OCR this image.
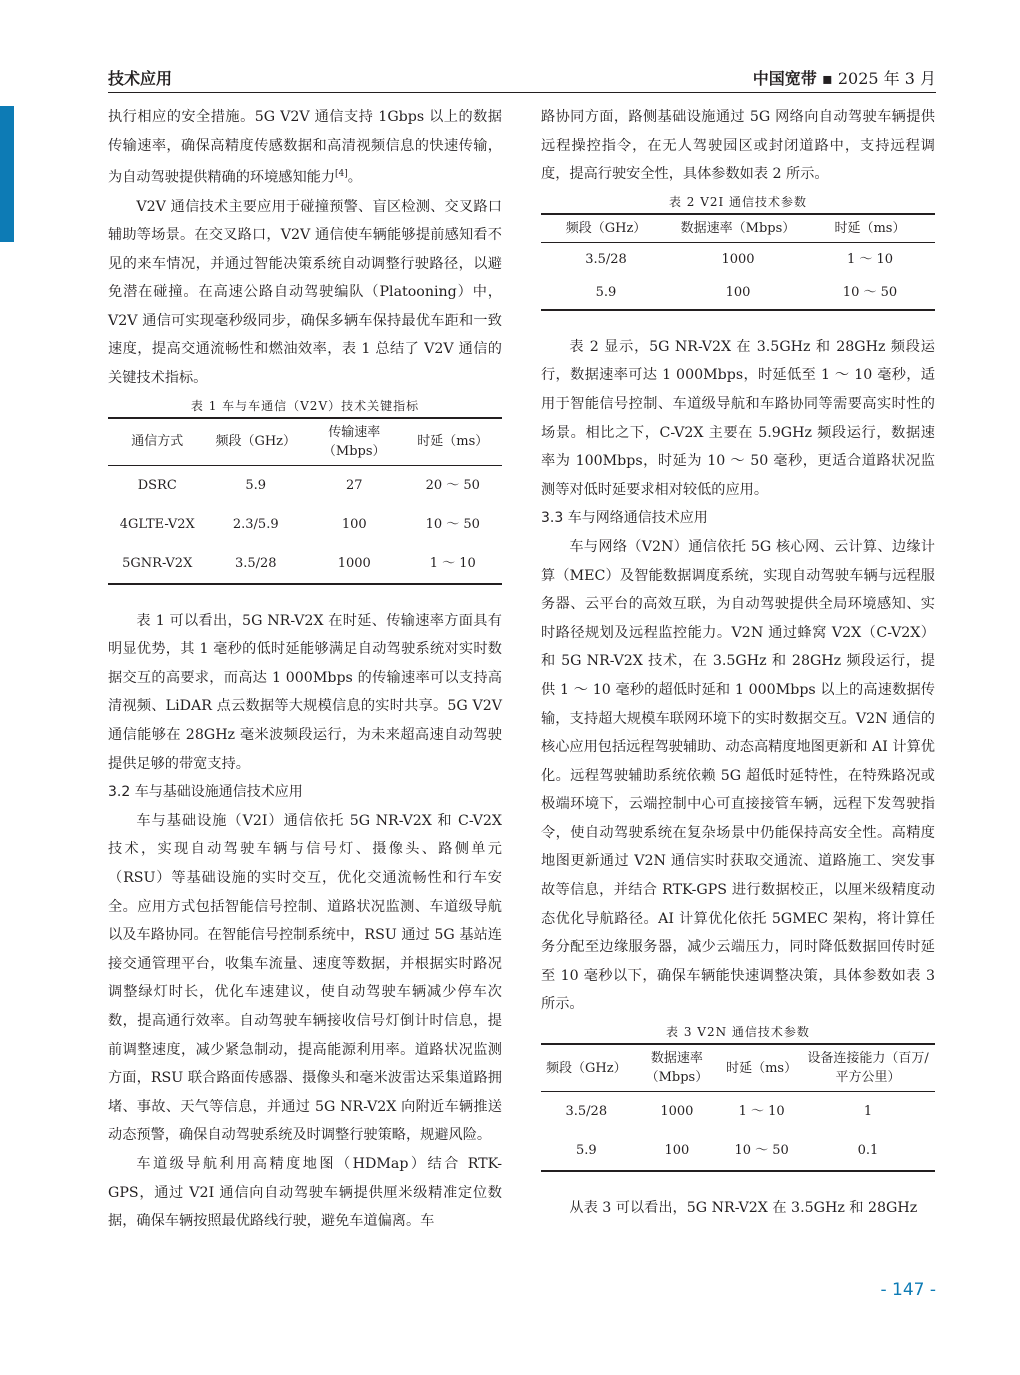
技术应用	中国宽带 ▪ 2025 年 3 月

执行相应的安全措施。5G V2V 通信支持 1Gbps 以上的数据传输速率，确保高精度传感数据和高清视频信息的快速传输，为自动驾驶提供精确的环境感知能力[4]。

V2V 通信技术主要应用于碰撞预警、盲区检测、交叉路口辅助等场景。在交叉路口，V2V 通信使车辆能够提前感知看不见的来车情况，并通过智能决策系统自动调整行驶路径，以避免潜在碰撞。在高速公路自动驾驶编队（Platooning）中，V2V 通信可实现毫秒级同步，确保多辆车保持最优车距和一致速度，提高交通流畅性和燃油效率，表 1 总结了 V2V 通信的关键技术指标。

表 1 车与车通信（V2V）技术关键指标
通信方式	频段（GHz）	传输速率（Mbps）	时延（ms）
DSRC	5.9	27	20 ～ 50
4GLTE-V2X	2.3/5.9	100	10 ～ 50
5GNR-V2X	3.5/28	1000	1 ～ 10

表 1 可以看出，5G NR-V2X 在时延、传输速率方面具有明显优势，其 1 毫秒的低时延能够满足自动驾驶系统对实时数据交互的高要求，而高达 1 000Mbps 的传输速率可以支持高清视频、LiDAR 点云数据等大规模信息的实时共享。5G V2V 通信能够在 28GHz 毫米波频段运行，为未来超高速自动驾驶提供足够的带宽支持。

3.2 车与基础设施通信技术应用

车与基础设施（V2I）通信依托 5G NR-V2X 和 C-V2X 技术，实现自动驾驶车辆与信号灯、摄像头、路侧单元（RSU）等基础设施的实时交互，优化交通流畅性和行车安全。应用方式包括智能信号控制、道路状况监测、车道级导航以及车路协同。在智能信号控制系统中，RSU 通过 5G 基站连接交通管理平台，收集车流量、速度等数据，并根据实时路况调整绿灯时长，优化车速建议，使自动驾驶车辆减少停车次数，提高通行效率。自动驾驶车辆接收信号灯倒计时信息，提前调整速度，减少紧急制动，提高能源利用率。道路状况监测方面，RSU 联合路面传感器、摄像头和毫米波雷达采集道路拥堵、事故、天气等信息，并通过 5G NR-V2X 向附近车辆推送动态预警，确保自动驾驶系统及时调整行驶策略，规避风险。

车道级导航利用高精度地图（HDMap）结合 RTK-GPS，通过 V2I 通信向自动驾驶车辆提供厘米级精准定位数据，确保车辆按照最优路线行驶，避免车道偏离。车

路协同方面，路侧基础设施通过 5G 网络向自动驾驶车辆提供远程操控指令，在无人驾驶园区或封闭道路中，支持远程调度，提高行驶安全性，具体参数如表 2 所示。

表 2 V2I 通信技术参数
频段（GHz）	数据速率（Mbps）	时延（ms）
3.5/28	1000	1 ～ 10
5.9	100	10 ～ 50

表 2 显示，5G NR-V2X 在 3.5GHz 和 28GHz 频段运行，数据速率可达 1 000Mbps，时延低至 1 ～ 10 毫秒，适用于智能信号控制、车道级导航和车路协同等需要高实时性的场景。相比之下，C-V2X 主要在 5.9GHz 频段运行，数据速率为 100Mbps，时延为 10 ～ 50 毫秒，更适合道路状况监测等对低时延要求相对较低的应用。

3.3 车与网络通信技术应用

车与网络（V2N）通信依托 5G 核心网、云计算、边缘计算（MEC）及智能数据调度系统，实现自动驾驶车辆与远程服务器、云平台的高效互联，为自动驾驶提供全局环境感知、实时路径规划及远程监控能力。V2N 通过蜂窝 V2X（C-V2X）和 5G NR-V2X 技术，在 3.5GHz 和 28GHz 频段运行，提供 1 ～ 10 毫秒的超低时延和 1 000Mbps 以上的高速数据传输，支持超大规模车联网环境下的实时数据交互。V2N 通信的核心应用包括远程驾驶辅助、动态高精度地图更新和 AI 计算优化。远程驾驶辅助系统依赖 5G 超低时延特性，在特殊路况或极端环境下，云端控制中心可直接接管车辆，远程下发驾驶指令，使自动驾驶系统在复杂场景中仍能保持高安全性。高精度地图更新通过 V2N 通信实时获取交通流、道路施工、突发事故等信息，并结合 RTK-GPS 进行数据校正，以厘米级精度动态优化导航路径。AI 计算优化依托 5GMEC 架构，将计算任务分配至边缘服务器，减少云端压力，同时降低数据回传时延至 10 毫秒以下，确保车辆能快速调整决策，具体参数如表 3 所示。

表 3 V2N 通信技术参数
频段（GHz）	数据速率（Mbps）	时延（ms）	设备连接能力（百万/平方公里）
3.5/28	1000	1 ～ 10	1
5.9	100	10 ～ 50	0.1

从表 3 可以看出，5G NR-V2X 在 3.5GHz 和 28GHz

- 147 -
